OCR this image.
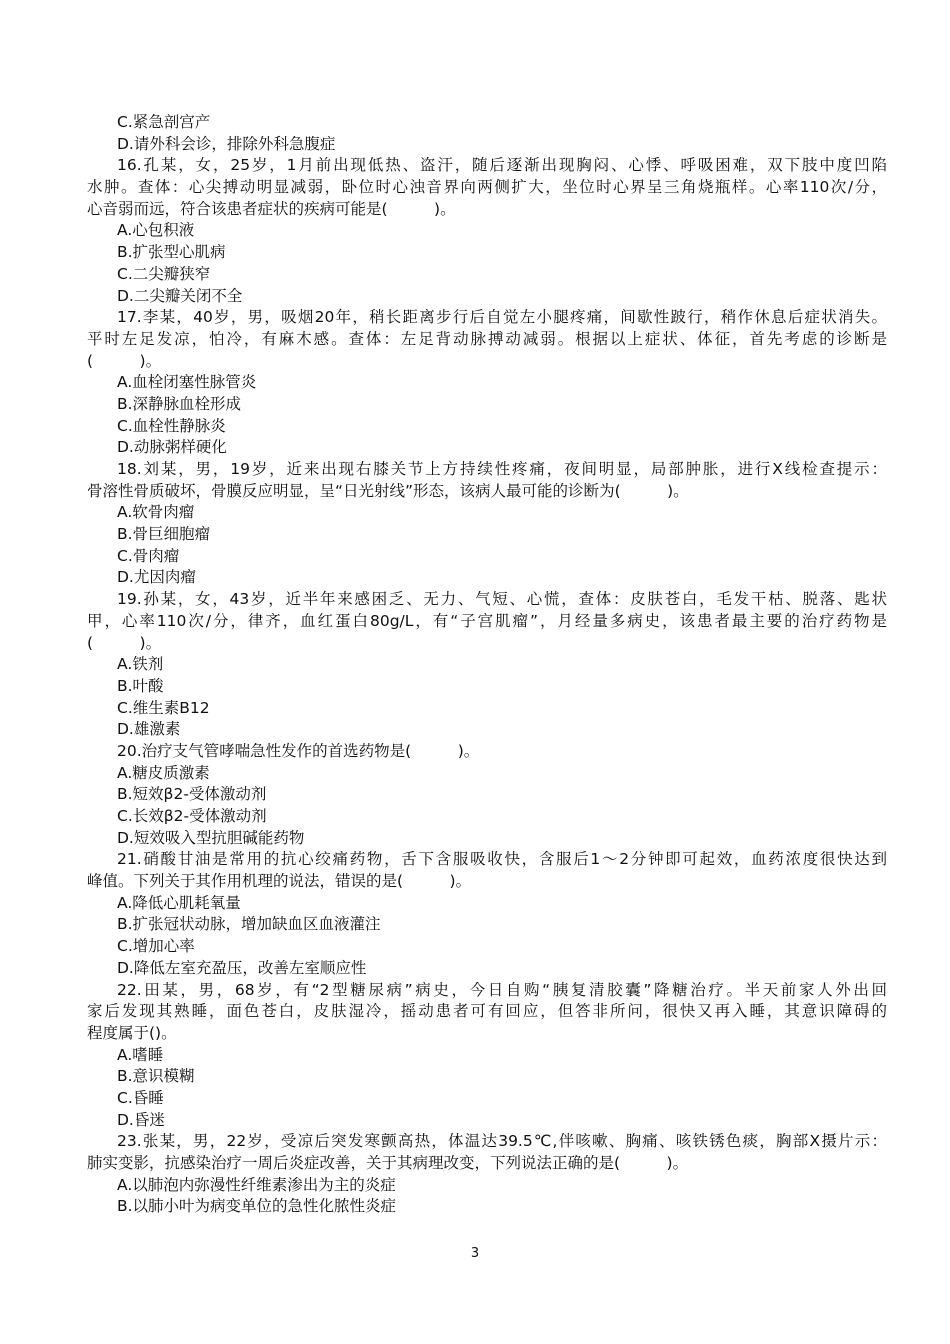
C.紧急剖宫产
D.请外科会诊，排除外科急腹症
16.孔某，女，25岁，1月前出现低热、盗汗，随后逐渐出现胸闷、心悸、呼吸困难，双下肢中度凹陷
水肿。查体：心尖搏动明显减弱，卧位时心浊音界向两侧扩大，坐位时心界呈三角烧瓶样。心率110次/分，
心音弱而远，符合该患者症状的疾病可能是(　　　)。
A.心包积液
B.扩张型心肌病
C.二尖瓣狭窄
D.二尖瓣关闭不全
17.李某，40岁，男，吸烟20年，稍长距离步行后自觉左小腿疼痛，间歇性跛行，稍作休息后症状消失。
平时左足发凉，怕冷，有麻木感。查体：左足背动脉搏动减弱。根据以上症状、体征，首先考虑的诊断是
(　　　)。
A.血栓闭塞性脉管炎
B.深静脉血栓形成
C.血栓性静脉炎
D.动脉粥样硬化
18.刘某，男，19岁，近来出现右膝关节上方持续性疼痛，夜间明显，局部肿胀，进行X线检查提示：
骨溶性骨质破坏，骨膜反应明显，呈“日光射线”形态，该病人最可能的诊断为(　　　)。
A.软骨肉瘤
B.骨巨细胞瘤
C.骨肉瘤
D.尤因肉瘤
19.孙某，女，43岁，近半年来感困乏、无力、气短、心慌，查体：皮肤苍白，毛发干枯、脱落、匙状
甲，心率110次/分，律齐，血红蛋白80g/L，有“子宫肌瘤”，月经量多病史，该患者最主要的治疗药物是
(　　　)。
A.铁剂
B.叶酸
C.维生素B12
D.雄激素
20.治疗支气管哮喘急性发作的首选药物是(　　　)。
A.糖皮质激素
B.短效β2-受体激动剂
C.长效β2-受体激动剂
D.短效吸入型抗胆碱能药物
21.硝酸甘油是常用的抗心绞痛药物，舌下含服吸收快，含服后1～2分钟即可起效，血药浓度很快达到
峰值。下列关于其作用机理的说法，错误的是(　　　)。
A.降低心肌耗氧量
B.扩张冠状动脉，增加缺血区血液灌注
C.增加心率
D.降低左室充盈压，改善左室顺应性
22.田某，男，68岁，有“2型糖尿病”病史，今日自购“胰复清胶囊”降糖治疗。半天前家人外出回
家后发现其熟睡，面色苍白，皮肤湿冷，摇动患者可有回应，但答非所问，很快又再入睡，其意识障碍的
程度属于()。
A.嗜睡
B.意识模糊
C.昏睡
D.昏迷
23.张某，男，22岁，受凉后突发寒颤高热，体温达39.5℃,伴咳嗽、胸痛、咳铁锈色痰，胸部X摄片示：
肺实变影，抗感染治疗一周后炎症改善，关于其病理改变，下列说法正确的是(　　　)。
A.以肺泡内弥漫性纤维素渗出为主的炎症
B.以肺小叶为病变单位的急性化脓性炎症
3
